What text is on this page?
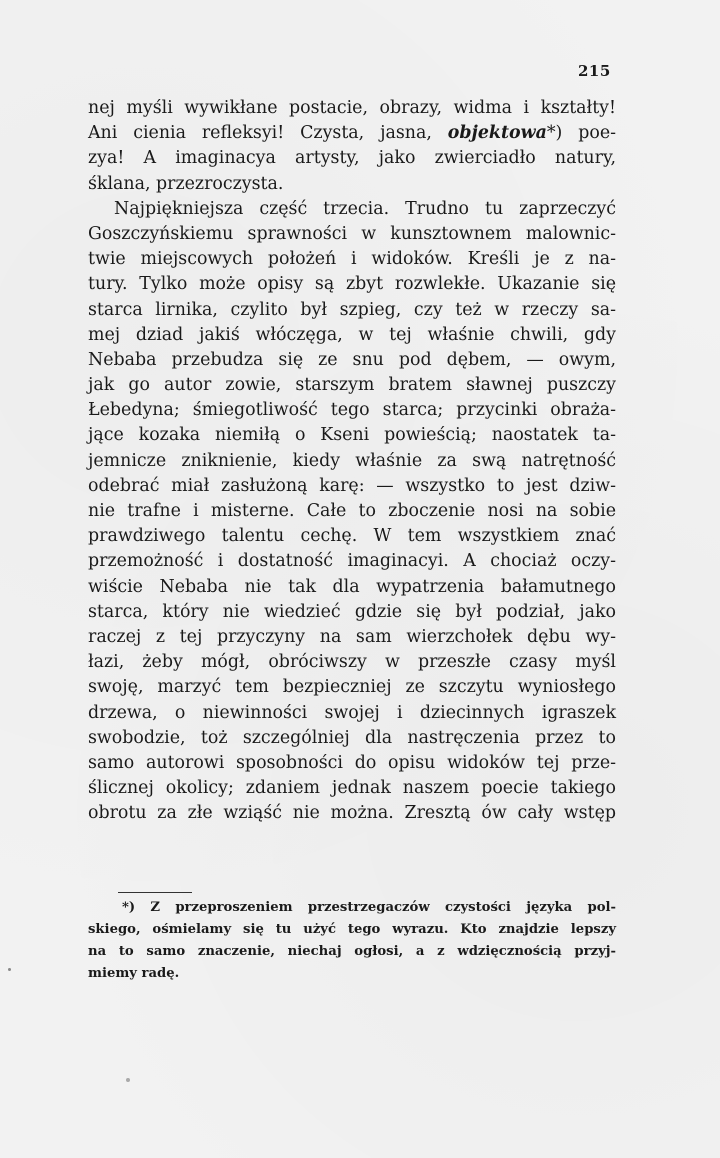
215
nej myśli wywikłane postacie, obrazy, widma i kształty!
Ani cienia refleksyi! Czysta, jasna, objektowa*) poe-
zya! A imaginacya artysty, jako zwierciadło natury,
śklana, przezroczysta.
Najpiękniejsza część trzecia. Trudno tu zaprzeczyć
Goszczyńskiemu sprawności w kunsztownem malownic-
twie miejscowych położeń i widoków. Kreśli je z na-
tury. Tylko może opisy są zbyt rozwlekłe. Ukazanie się
starca lirnika, czylito był szpieg, czy też w rzeczy sa-
mej dziad jakiś włóczęga, w tej właśnie chwili, gdy
Nebaba przebudza się ze snu pod dębem, — owym,
jak go autor zowie, starszym bratem sławnej puszczy
Łebedyna; śmiegotliwość tego starca; przycinki obraża-
jące kozaka niemiłą o Kseni powieścią; naostatek ta-
jemnicze zniknienie, kiedy właśnie za swą natrętność
odebrać miał zasłużoną karę: — wszystko to jest dziw-
nie trafne i misterne. Całe to zboczenie nosi na sobie
prawdziwego talentu cechę. W tem wszystkiem znać
przemożność i dostatność imaginacyi. A chociaż oczy-
wiście Nebaba nie tak dla wypatrzenia bałamutnego
starca, który nie wiedzieć gdzie się był podział, jako
raczej z tej przyczyny na sam wierzchołek dębu wy-
łazi, żeby mógł, obróciwszy w przeszłe czasy myśl
swoję, marzyć tem bezpieczniej ze szczytu wyniosłego
drzewa, o niewinności swojej i dziecinnych igraszek
swobodzie, toż szczególniej dla nastręczenia przez to
samo autorowi sposobności do opisu widoków tej prze-
ślicznej okolicy; zdaniem jednak naszem poecie takiego
obrotu za złe wziąść nie można. Zresztą ów cały wstęp
*) Z przeproszeniem przestrzegaczów czystości języka pol-
skiego, ośmielamy się tu użyć tego wyrazu. Kto znajdzie lepszy
na to samo znaczenie, niechaj ogłosi, a z wdzięcznością przyj-
miemy radę.
